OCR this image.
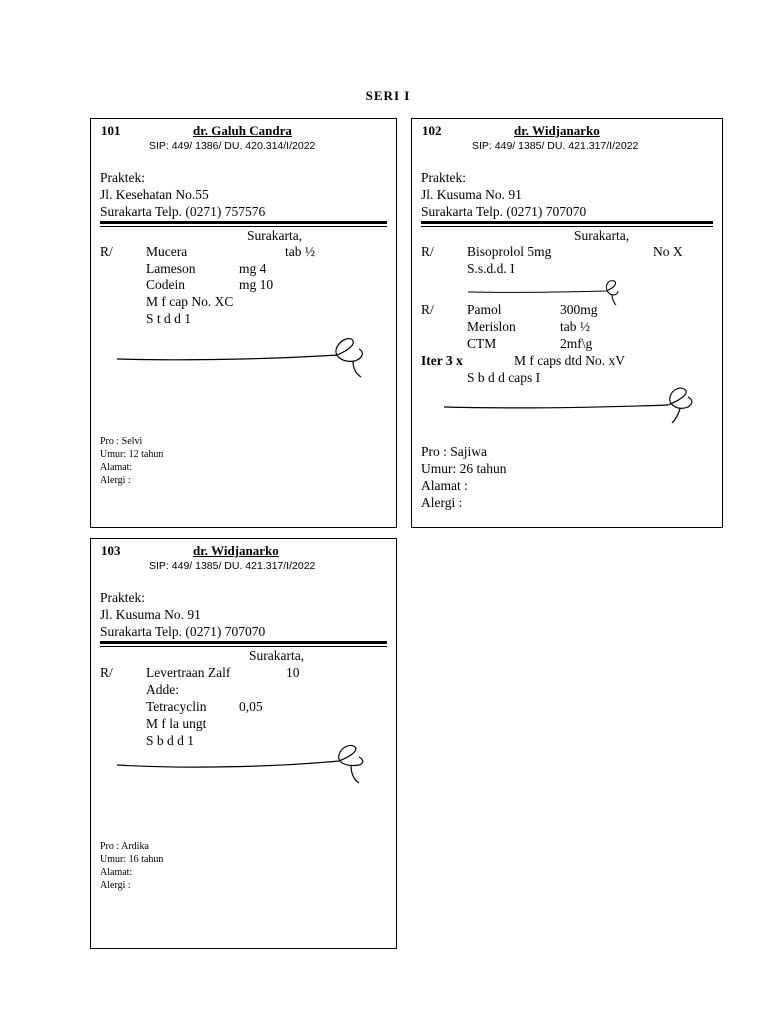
SERI I
101	dr. Galuh Candra
SIP: 449/ 1386/ DU. 420.314/I/2022
Praktek:
Jl. Kesehatan No.55
Surakarta Telp. (0271) 757576
Surakarta,
R/ Mucera	tab ½
Lameson	mg 4
Codein	mg 10
M f cap No. XC
S t d d 1
Pro : Selvi
Umur: 12 tahun
Alamat:
Alergi :
102	dr. Widjanarko
SIP: 449/ 1385/ DU. 421.317/I/2022
Praktek:
Jl. Kusuma No. 91
Surakarta Telp. (0271) 707070
Surakarta,
R/ Bisoprolol 5mg	No X
S.s.d.d. I
R/ Pamol	300mg
Merislon	tab ½
CTM	2mf\g
Iter 3 x	M f caps dtd No. xV
S b d d caps I
Pro : Sajiwa
Umur: 26 tahun
Alamat :
Alergi :
103	dr. Widjanarko
SIP: 449/ 1385/ DU. 421.317/I/2022
Praktek:
Jl. Kusuma No. 91
Surakarta Telp. (0271) 707070
Surakarta,
R/ Levertraan Zalf	10
Adde:
Tetracyclin 0,05
M f la ungt
S b d d 1
Pro : Ardika
Umur: 16 tahun
Alamat:
Alergi :
